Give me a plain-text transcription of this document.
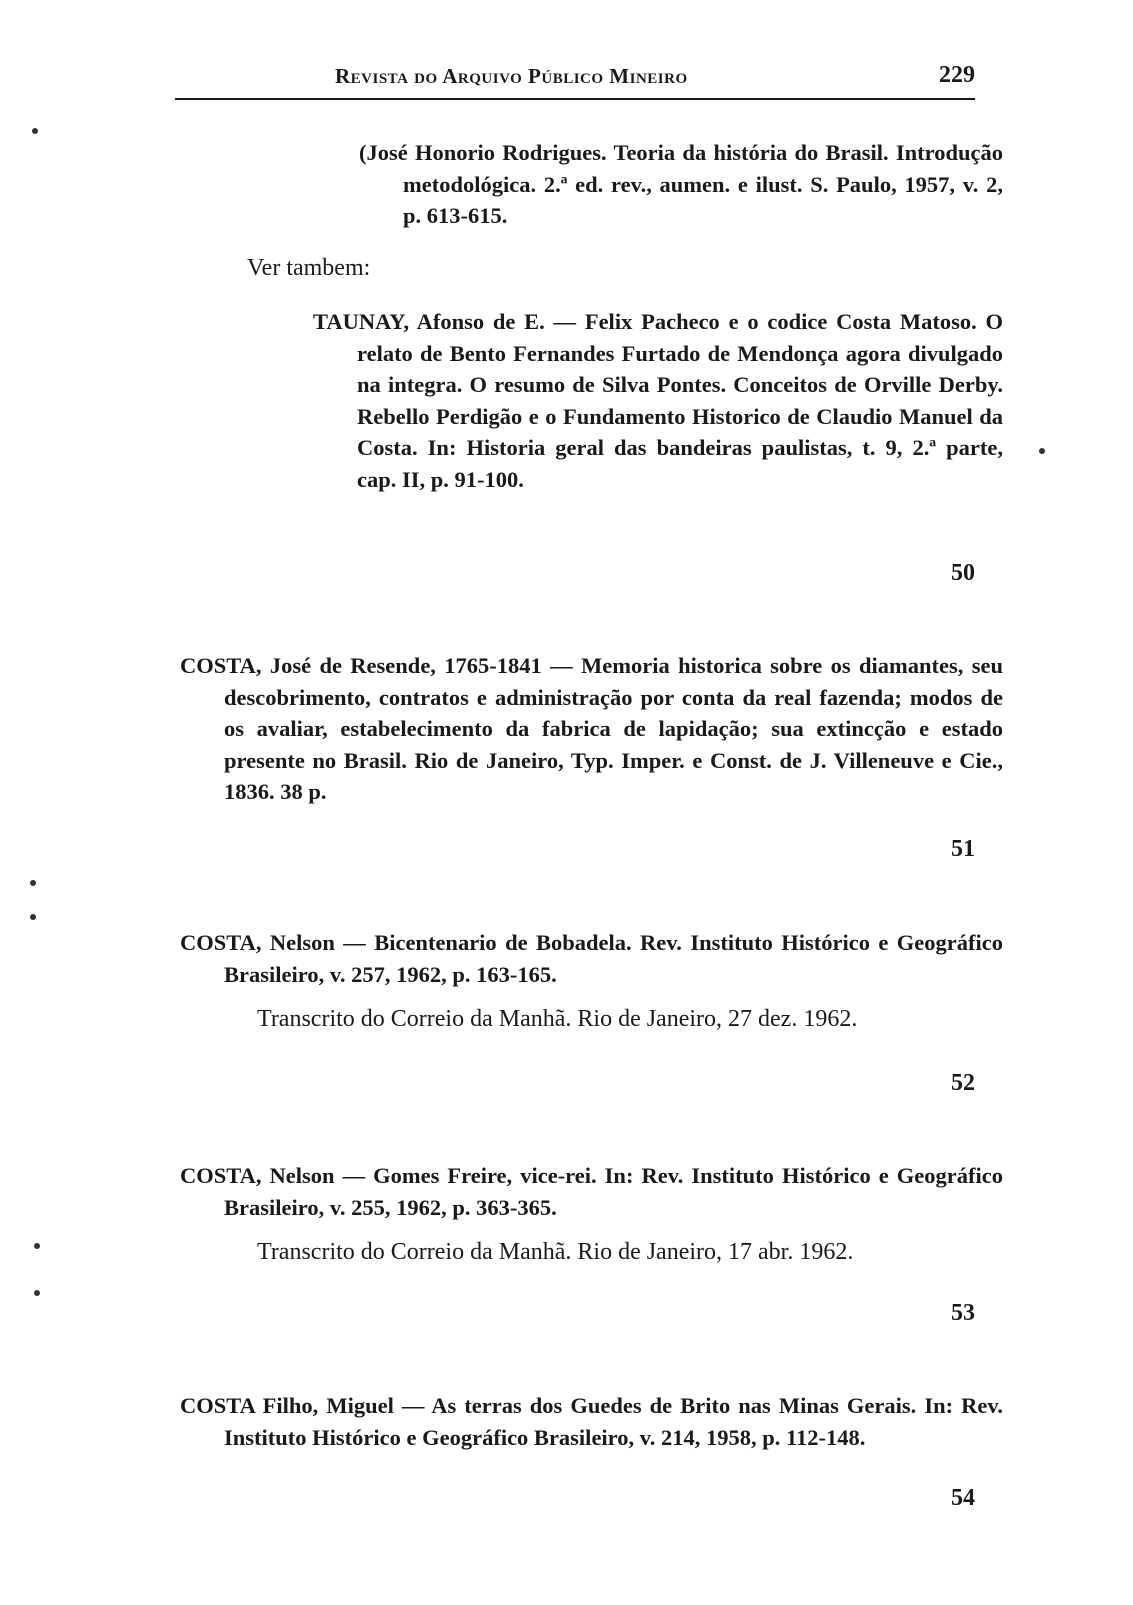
Revista do Arquivo Público Mineiro	229
(José Honorio Rodrigues. Teoria da história do Brasil. Introdução metodológica. 2.ª ed. rev., aumen. e ilust. S. Paulo, 1957, v. 2, p. 613-615.
Ver tambem:
TAUNAY, Afonso de E. — Felix Pacheco e o codice Costa Matoso. O relato de Bento Fernandes Furtado de Mendonça agora divulgado na integra. O resumo de Silva Pontes. Conceitos de Orville Derby. Rebello Perdigão e o Fundamento Historico de Claudio Manuel da Costa. In: Historia geral das bandeiras paulistas, t. 9, 2.ª parte, cap. II, p. 91-100.
50
COSTA, José de Resende, 1765-1841 — Memoria historica sobre os diamantes, seu descobrimento, contratos e administração por conta da real fazenda; modos de os avaliar, estabelecimento da fabrica de lapidação; sua extincção e estado presente no Brasil. Rio de Janeiro, Typ. Imper. e Const. de J. Villeneuve e Cie., 1836. 38 p.
51
COSTA, Nelson — Bicentenario de Bobadela. Rev. Instituto Histórico e Geográfico Brasileiro, v. 257, 1962, p. 163-165.
Transcrito do Correio da Manhã. Rio de Janeiro, 27 dez. 1962.
52
COSTA, Nelson — Gomes Freire, vice-rei. In: Rev. Instituto Histórico e Geográfico Brasileiro, v. 255, 1962, p. 363-365.
Transcrito do Correio da Manhã. Rio de Janeiro, 17 abr. 1962.
53
COSTA Filho, Miguel — As terras dos Guedes de Brito nas Minas Gerais. In: Rev. Instituto Histórico e Geográfico Brasileiro, v. 214, 1958, p. 112-148.
54
